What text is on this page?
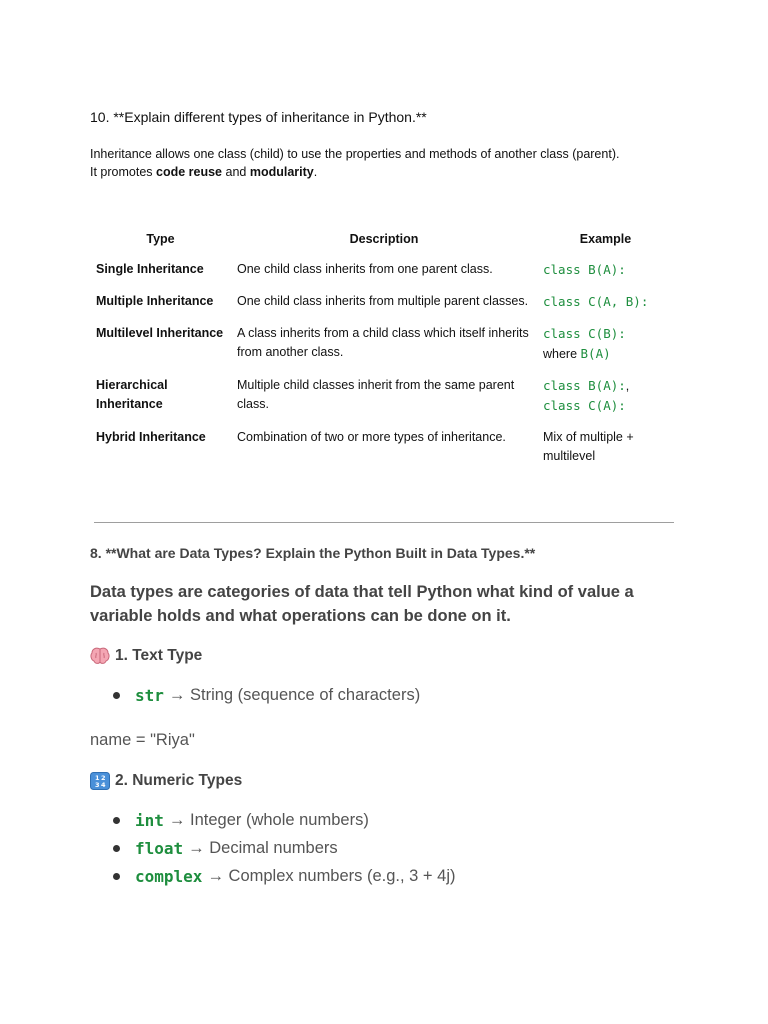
10. **Explain different types of inheritance in Python.**
Inheritance allows one class (child) to use the properties and methods of another class (parent).
It promotes code reuse and modularity.
Type	Description	Example
Single Inheritance	One child class inherits from one parent class.	class B(A):
Multiple Inheritance	One child class inherits from multiple parent classes.	class C(A, B):
Multilevel Inheritance	A class inherits from a child class which itself inherits from another class.	class C(B):
where B(A)

Hierarchical Inheritance	Multiple child classes inherit from the same parent class.	class B(A):,
class C(A):

Hybrid Inheritance	Combination of two or more types of inheritance.	Mix of multiple + multilevel
8. **What are Data Types? Explain the Python Built in Data Types.**
Data types are categories of data that tell Python what kind of value a variable holds and what operations can be done on it.
1. Text Type
str → String (sequence of characters)
name = "Riya"
1 2
3 4 2. Numeric Types
int → Integer (whole numbers)
float → Decimal numbers
complex → Complex numbers (e.g., 3 + 4j)
